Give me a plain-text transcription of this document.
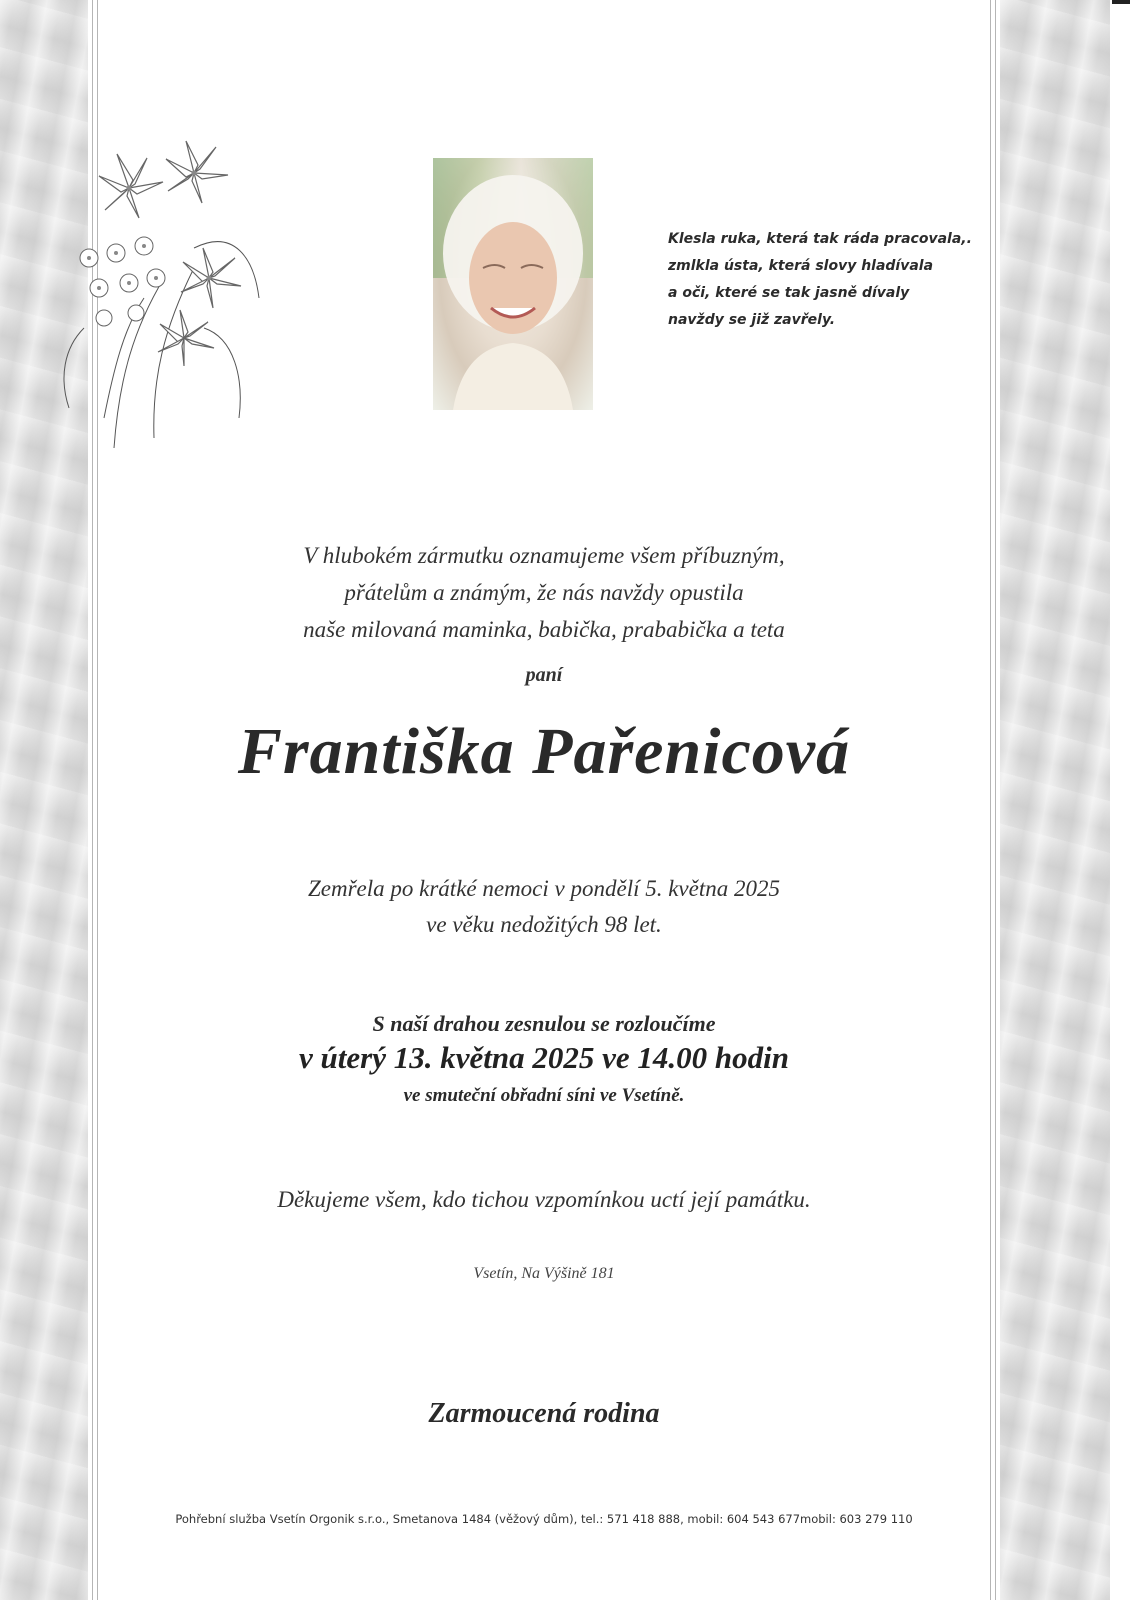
Klesla ruka, která tak ráda pracovala,.
zmlkla ústa, která slovy hladívala
a oči, které se tak jasně dívaly
navždy se již zavřely.
V hlubokém zármutku oznamujeme všem příbuzným,
přátelům a známým, že nás navždy opustila
naše milovaná maminka, babička, prababička a teta
paní
Františka Pařenicová
Zemřela po krátké nemoci v pondělí 5. května 2025
ve věku nedožitých 98 let.
S naší drahou zesnulou se rozloučíme
v úterý 13. května 2025 ve 14.00 hodin
ve smuteční obřadní síni ve Vsetíně.
Děkujeme všem, kdo tichou vzpomínkou uctí její památku.
Vsetín, Na Výšině 181
Zarmoucená rodina
Pohřební služba Vsetín Orgonik s.r.o., Smetanova 1484 (věžový dům), tel.: 571 418 888, mobil: 604 543 677mobil: 603 279 110
